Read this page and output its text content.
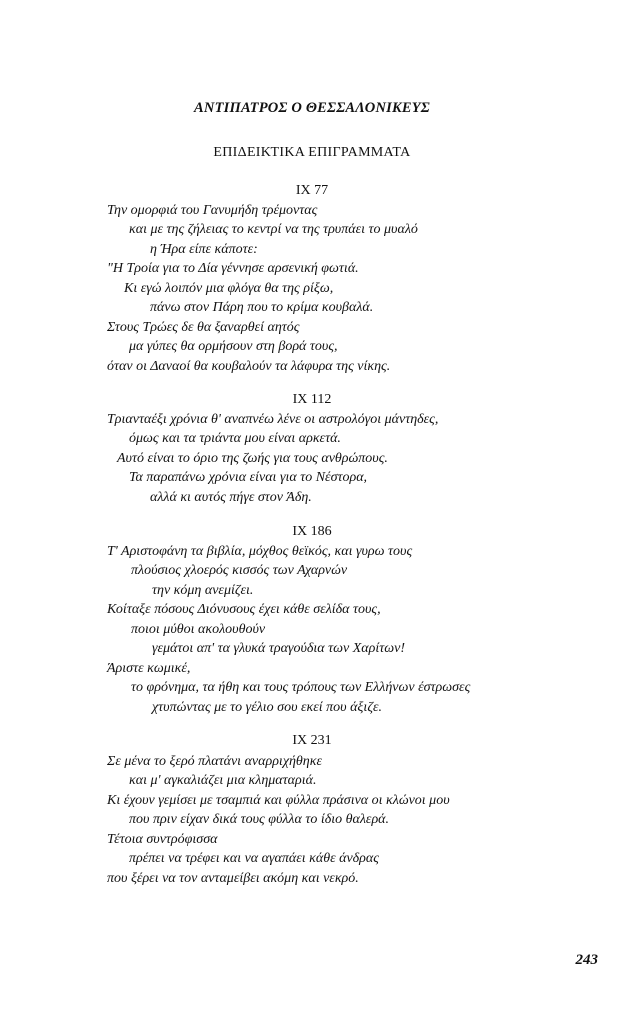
ΑΝΤΙΠΑΤΡΟΣ Ο ΘΕΣΣΑΛΟΝΙΚΕΥΣ
ΕΠΙΔΕΙΚΤΙΚΑ ΕΠΙΓΡΑΜΜΑΤΑ
IX 77
Την ομορφιά του Γανυμήδη τρέμοντας
και με της ζήλειας το κεντρί να της τρυπάει το μυαλό
η Ήρα είπε κάποτε:
"Η Τροία για το Δία γέννησε αρσενική φωτιά.
Κι εγώ λοιπόν μια φλόγα θα της ρίξω,
πάνω στον Πάρη που το κρίμα κουβαλά.
Στους Τρώες δε θα ξαναρθεί αητός
μα γύπες θα ορμήσουν στη βορά τους,
όταν οι Δαναοί θα κουβαλούν τα λάφυρα της νίκης.
IX 112
Τριανταέξι χρόνια θ' αναπνέω λένε οι αστρολόγοι μάντηδες,
όμως και τα τριάντα μου είναι αρκετά.
Αυτό είναι το όριο της ζωής για τους ανθρώπους.
Τα παραπάνω χρόνια είναι για το Νέστορα,
αλλά κι αυτός πήγε στον Άδη.
IX 186
Τ' Αριστοφάνη τα βιβλία, μόχθος θεϊκός, και γυρω τους
πλούσιος χλοερός κισσός των Αχαρνών
την κόμη ανεμίζει.
Κοίταξε πόσους Διόνυσους έχει κάθε σελίδα τους,
ποιοι μύθοι ακολουθούν
γεμάτοι απ' τα γλυκά τραγούδια των Χαρίτων!
Άριστε κωμικέ,
το φρόνημα, τα ήθη και τους τρόπους των Ελλήνων έστρωσες
χτυπώντας με το γέλιο σου εκεί που άξιζε.
IX 231
Σε μένα το ξερό πλατάνι αναρριχήθηκε
και μ' αγκαλιάζει μια κληματαριά.
Κι έχουν γεμίσει με τσαμπιά και φύλλα πράσινα οι κλώνοι μου
που πριν είχαν δικά τους φύλλα το ίδιο θαλερά.
Τέτοια συντρόφισσα
πρέπει να τρέφει και να αγαπάει κάθε άνδρας
που ξέρει να τον ανταμείβει ακόμη και νεκρό.
243
